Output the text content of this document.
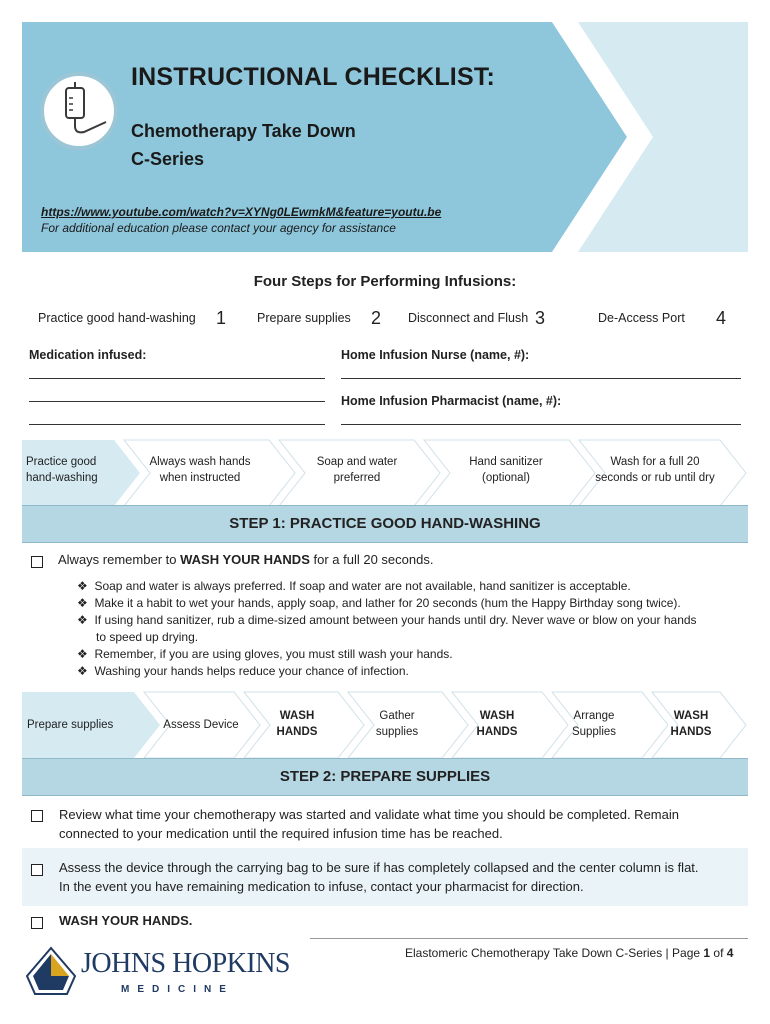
INSTRUCTIONAL CHECKLIST:
Chemotherapy Take Down
C-Series
https://www.youtube.com/watch?v=XYNg0LEwmkM&feature=youtu.be
For additional education please contact your agency for assistance
Four Steps for Performing Infusions:
Practice good hand-washing 1 Prepare supplies 2 Disconnect and Flush 3	De-Access Port 4
Medication infused:	Home Infusion Nurse (name, #):
Home Infusion Pharmacist (name, #):
Practice good
hand-washing
Always wash hands
when instructed
Soap and water
preferred
Hand sanitizer
(optional)
Wash for a full 20
seconds or rub until dry
STEP 1: PRACTICE GOOD HAND-WASHING
Always remember to WASH YOUR HANDS for a full 20 seconds.
❖ Soap and water is always preferred. If soap and water are not available, hand sanitizer is acceptable.
❖ Make it a habit to wet your hands, apply soap, and lather for 20 seconds (hum the Happy Birthday song twice).
❖ If using hand sanitizer, rub a dime-sized amount between your hands until dry. Never wave or blow on your hands
to speed up drying.
❖ Remember, if you are using gloves, you must still wash your hands.
❖ Washing your hands helps reduce your chance of infection.
Prepare supplies	Assess Device
WASH
HANDS
Gather
supplies
WASH
HANDS
Arrange
Supplies
WASH
HANDS
STEP 2: PREPARE SUPPLIES
Review what time your chemotherapy was started and validate what time you should be completed. Remain
connected to your medication until the required infusion time has be reached.
Assess the device through the carrying bag to be sure if has completely collapsed and the center column is flat.
In the event you have remaining medication to infuse, contact your pharmacist for direction.
WASH YOUR HANDS.
Elastomeric Chemotherapy Take Down C-Series | Page 1 of 4
JOHNS HOPKINS
MEDICINE
